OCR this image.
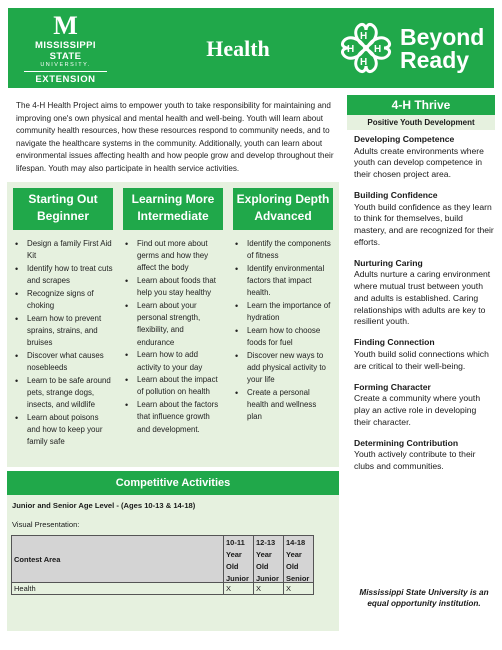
M
MISSISSIPPI STATE
UNIVERSITY.
EXTENSION
Health	H
H
H H Beyond
Ready
The 4-H Health Project aims to empower youth to take responsibility for maintaining and improving one's own physical and mental health and well-being. Youth will learn about community health resources, how these resources respond to community needs, and to navigate the healthcare systems in the community. Additionally, youth can learn about environmental issues affecting health and how people grow and develop throughout their lifespan. Youth may also participate in health service activities.
Starting Out
Beginner
• Design a family First Aid Kit
• Identify how to treat cuts and scrapes
• Recognize signs of choking
• Learn how to prevent sprains, strains, and bruises
• Discover what causes nosebleeds
• Learn to be safe around pets, strange dogs, insects, and wildlife
• Learn about poisons and how to keep your family safe
Learning More
Intermediate
• Find out more about germs and how they affect the body
• Learn about foods that help you stay healthy
• Learn about your personal strength, flexibility, and endurance
• Learn how to add activity to your day
• Learn about the impact of pollution on health
• Learn about the factors that influence growth and development.
Exploring Depth
Advanced
• Identify the components of fitness
• Identify environmental factors that impact health.
• Learn the importance of hydration
• Learn how to choose foods for fuel
• Discover new ways to add physical activity to your life
• Create a personal health and wellness plan
Competitive Activities
Junior and Senior Age Level - (Ages 10-13 & 14-18)
Visual Presentation:
Contest Area	10-11 Year Old Junior	12-13 Year Old Junior	14-18 Year Old Senior

Health	X	X	X
4-H Thrive
Positive Youth Development
Developing Competence
Adults create environments where youth can develop competence in their chosen project area.
Building Confidence
Youth build confidence as they learn to think for themselves, build mastery, and are recognized for their efforts.
Nurturing Caring
Adults nurture a caring environment where mutual trust between youth and adults is established. Caring relationships with adults are key to resilient youth.
Finding Connection
Youth build solid connections which are critical to their well-being.
Forming Character
Create a community where youth play an active role in developing their character.
Determining Contribution
Youth actively contribute to their clubs and communities.
Mississippi State University is an equal opportunity institution.
